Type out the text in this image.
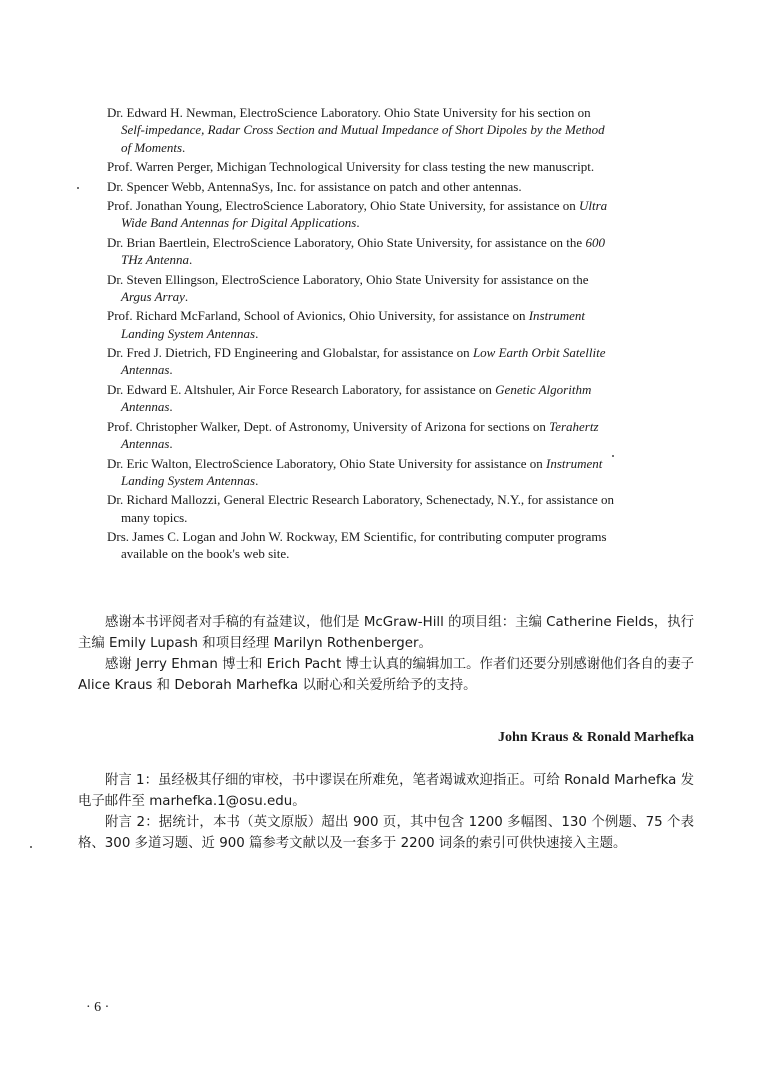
Dr. Edward H. Newman, ElectroScience Laboratory. Ohio State University for his section on Self-impedance, Radar Cross Section and Mutual Impedance of Short Dipoles by the Method of Moments.
Prof. Warren Perger, Michigan Technological University for class testing the new manuscript.
Dr. Spencer Webb, AntennaSys, Inc. for assistance on patch and other antennas.
Prof. Jonathan Young, ElectroScience Laboratory, Ohio State University, for assistance on Ultra Wide Band Antennas for Digital Applications.
Dr. Brian Baertlein, ElectroScience Laboratory, Ohio State University, for assistance on the 600 THz Antenna.
Dr. Steven Ellingson, ElectroScience Laboratory, Ohio State University for assistance on the Argus Array.
Prof. Richard McFarland, School of Avionics, Ohio University, for assistance on Instrument Landing System Antennas.
Dr. Fred J. Dietrich, FD Engineering and Globalstar, for assistance on Low Earth Orbit Satellite Antennas.
Dr. Edward E. Altshuler, Air Force Research Laboratory, for assistance on Genetic Algorithm Antennas.
Prof. Christopher Walker, Dept. of Astronomy, University of Arizona for sections on Terahertz Antennas.
Dr. Eric Walton, ElectroScience Laboratory, Ohio State University for assistance on Instrument Landing System Antennas.
Dr. Richard Mallozzi, General Electric Research Laboratory, Schenectady, N.Y., for assistance on many topics.
Drs. James C. Logan and John W. Rockway, EM Scientific, for contributing computer programs available on the book's web site.

感谢本书评阅者对手稿的有益建议，他们是 McGraw-Hill 的项目组：主编 Catherine Fields，执行主编 Emily Lupash 和项目经理 Marilyn Rothenberger。

感谢 Jerry Ehman 博士和 Erich Pacht 博士认真的编辑加工。作者们还要分别感谢他们各自的妻子 Alice Kraus 和 Deborah Marhefka 以耐心和关爱所给予的支持。

John Kraus & Ronald Marhefka

附言 1：虽经极其仔细的审校，书中谬误在所难免，笔者竭诚欢迎指正。可给 Ronald Marhefka 发电子邮件至 marhefka.1@osu.edu。

附言 2：据统计，本书（英文原版）超出 900 页，其中包含 1200 多幅图、130 个例题、75 个表格、300 多道习题、近 900 篇参考文献以及一套多于 2200 词条的索引可供快速接入主题。

· 6 ·
